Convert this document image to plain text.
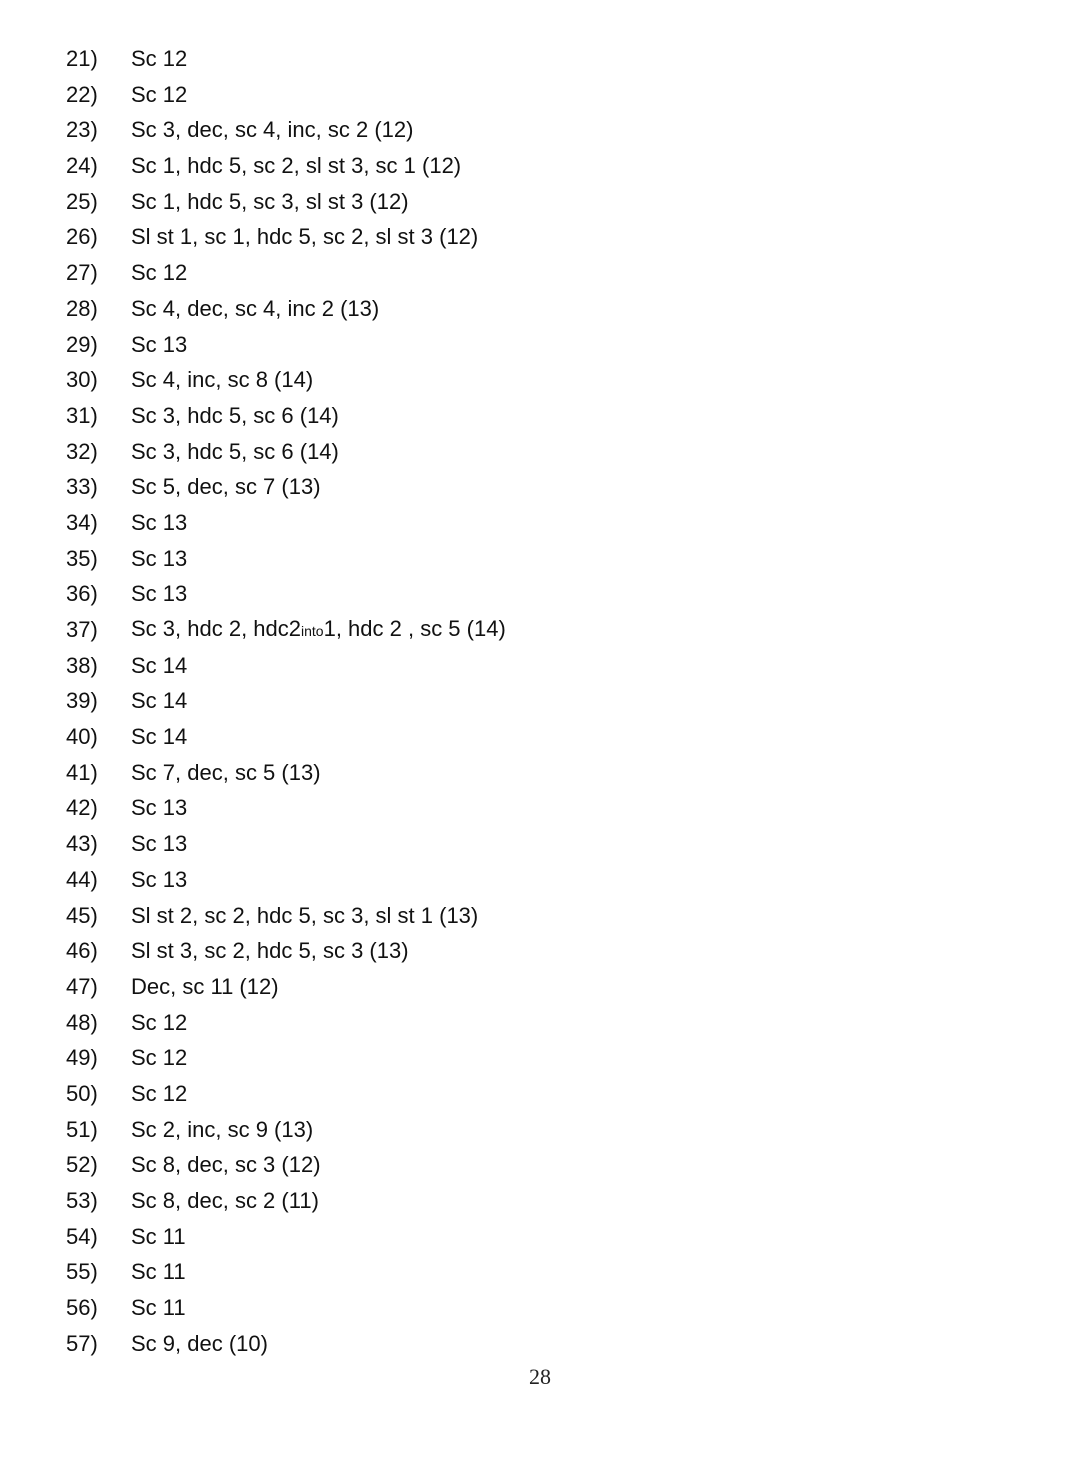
21)	Sc 12
22)	Sc 12
23)	Sc 3, dec, sc 4, inc, sc 2 (12)
24)	Sc 1, hdc 5, sc 2, sl st 3, sc 1 (12)
25)	Sc 1, hdc 5, sc 3, sl st 3 (12)
26)	Sl st 1, sc 1, hdc 5, sc 2, sl st 3 (12)
27)	Sc 12
28)	Sc 4, dec, sc 4, inc 2 (13)
29)	Sc 13
30)	Sc 4, inc, sc 8 (14)
31)	Sc 3, hdc 5, sc 6 (14)
32)	Sc 3, hdc 5, sc 6 (14)
33)	Sc 5, dec, sc 7 (13)
34)	Sc 13
35)	Sc 13
36)	Sc 13
37)	Sc 3, hdc 2, hdc2into1, hdc 2 , sc 5 (14)
38)	Sc 14
39)	Sc 14
40)	Sc 14
41)	Sc 7, dec, sc 5 (13)
42)	Sc 13
43)	Sc 13
44)	Sc 13
45)	Sl st 2, sc 2, hdc 5, sc 3, sl st 1 (13)
46)	Sl st 3, sc 2, hdc 5, sc 3 (13)
47)	Dec, sc 11 (12)
48)	Sc 12
49)	Sc 12
50)	Sc 12
51)	Sc 2, inc, sc 9 (13)
52)	Sc 8, dec, sc 3 (12)
53)	Sc 8, dec, sc 2 (11)
54)	Sc 11
55)	Sc 11
56)	Sc 11
57)	Sc 9, dec (10)
28
